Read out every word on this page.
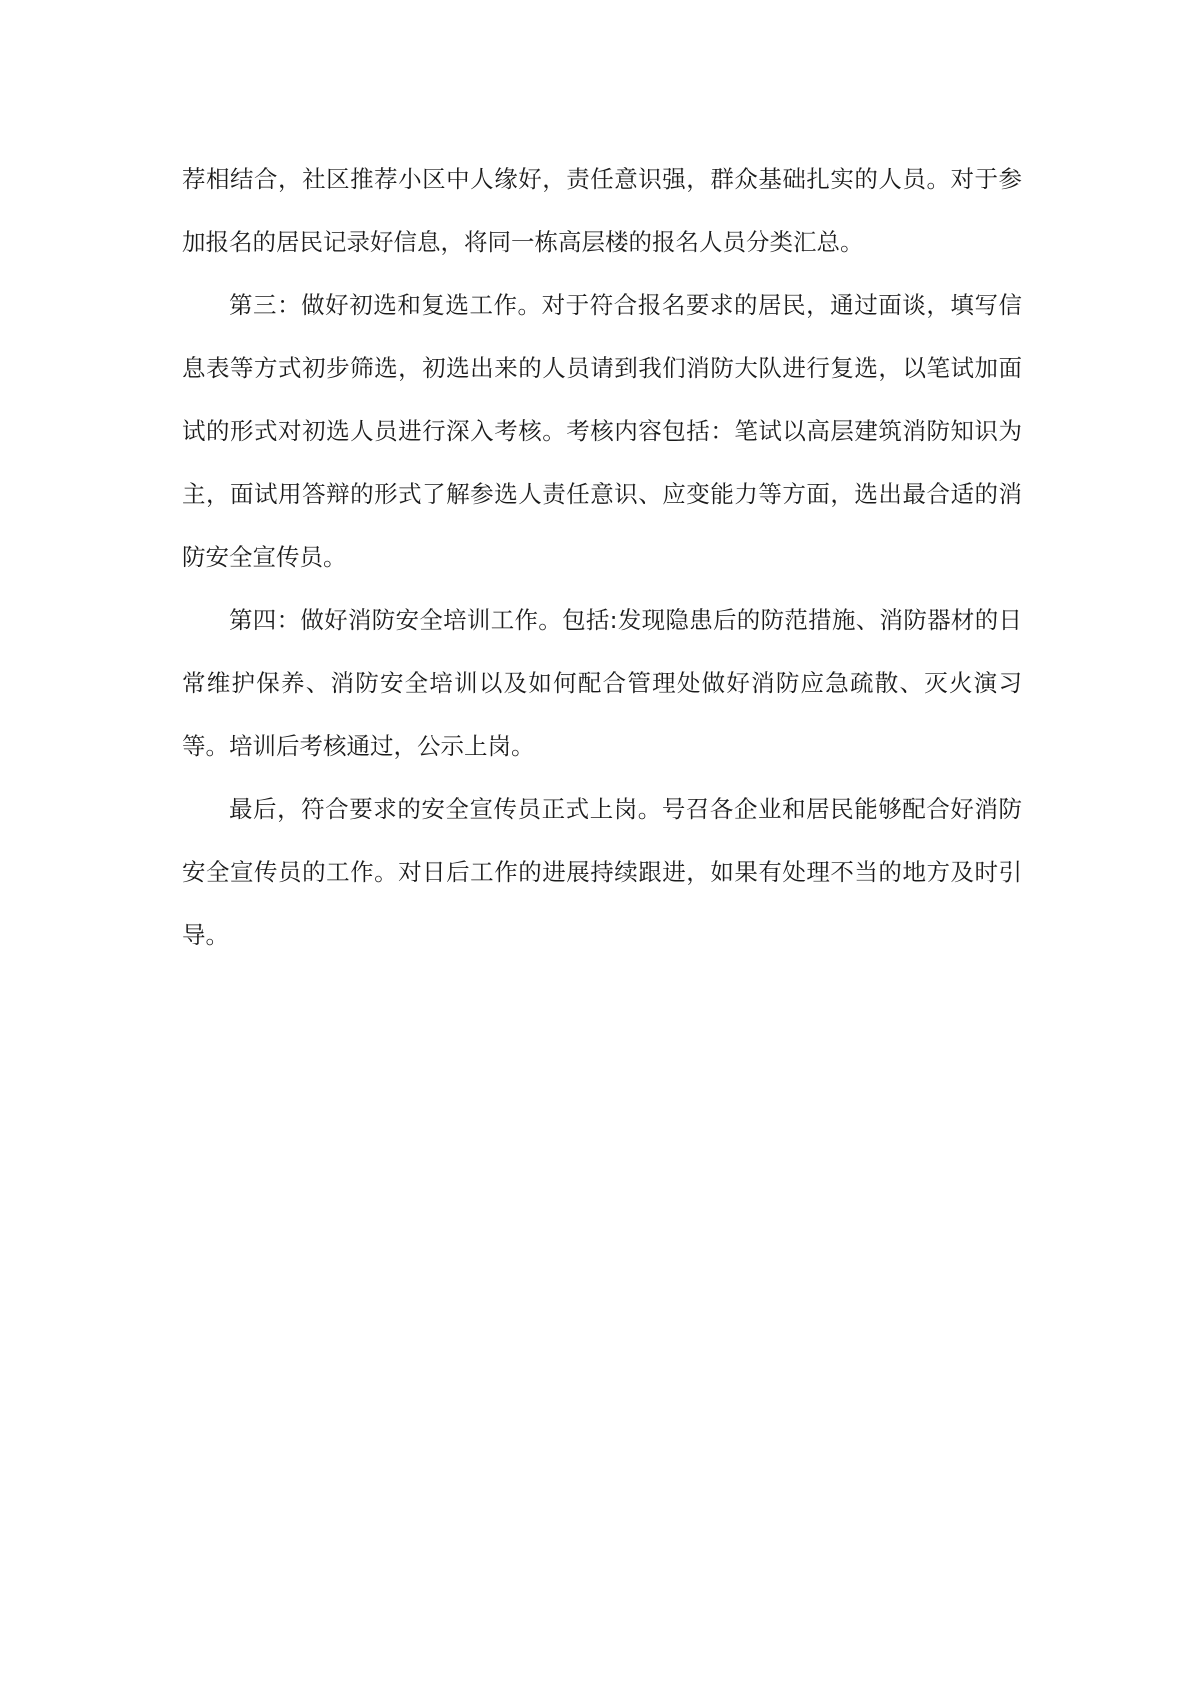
荐相结合，社区推荐小区中人缘好，责任意识强，群众基础扎实的人员。对于参加报名的居民记录好信息，将同一栋高层楼的报名人员分类汇总。

第三：做好初选和复选工作。对于符合报名要求的居民，通过面谈，填写信息表等方式初步筛选，初选出来的人员请到我们消防大队进行复选，以笔试加面试的形式对初选人员进行深入考核。考核内容包括：笔试以高层建筑消防知识为主，面试用答辩的形式了解参选人责任意识、应变能力等方面，选出最合适的消防安全宣传员。

第四：做好消防安全培训工作。包括:发现隐患后的防范措施、消防器材的日常维护保养、消防安全培训以及如何配合管理处做好消防应急疏散、灭火演习等。培训后考核通过，公示上岗。

最后，符合要求的安全宣传员正式上岗。号召各企业和居民能够配合好消防安全宣传员的工作。对日后工作的进展持续跟进，如果有处理不当的地方及时引导。
